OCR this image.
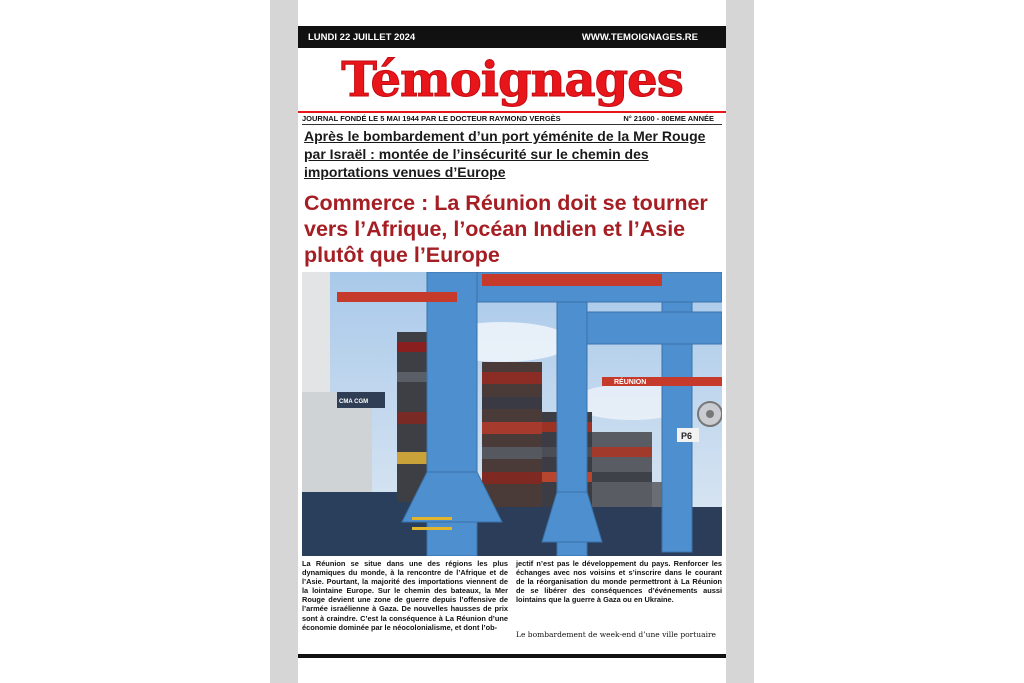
LUNDI 22 JUILLET 2024	WWW.TEMOIGNAGES.RE
Témoignages
JOURNAL FONDÉ LE 5 MAI 1944 PAR LE DOCTEUR RAYMOND VERGÈS	N° 21600 - 80EME ANNÉE
Après le bombardement d’un port yéménite de la Mer Rouge par Israël : montée de l’insécurité sur le chemin des importations venues d’Europe
Commerce : La Réunion doit se tourner vers l’Afrique, l’océan Indien et l’Asie plutôt que l’Europe
RÉUNION
P6
CMA CGM
La Réunion se situe dans une des régions les plus dynamiques du monde, à la rencontre de l’Afrique et de l’Asie. Pourtant, la majorité des importations viennent de la lointaine Europe. Sur le chemin des bateaux, la Mer Rouge devient une zone de guerre depuis l’offensive de l’armée israélienne à Gaza. De nouvelles hausses de prix sont à craindre. C’est la conséquence à La Réunion d’une économie dominée par le néocolonialisme, et dont l’ob-
jectif n’est pas le développement du pays. Renforcer les échanges avec nos voisins et s’inscrire dans le courant de la réorganisation du monde permettront à La Réunion de se libérer des conséquences d’événements aussi lointains que la guerre à Gaza ou en Ukraine.
Le bombardement de week-end d’une ville portuaire
